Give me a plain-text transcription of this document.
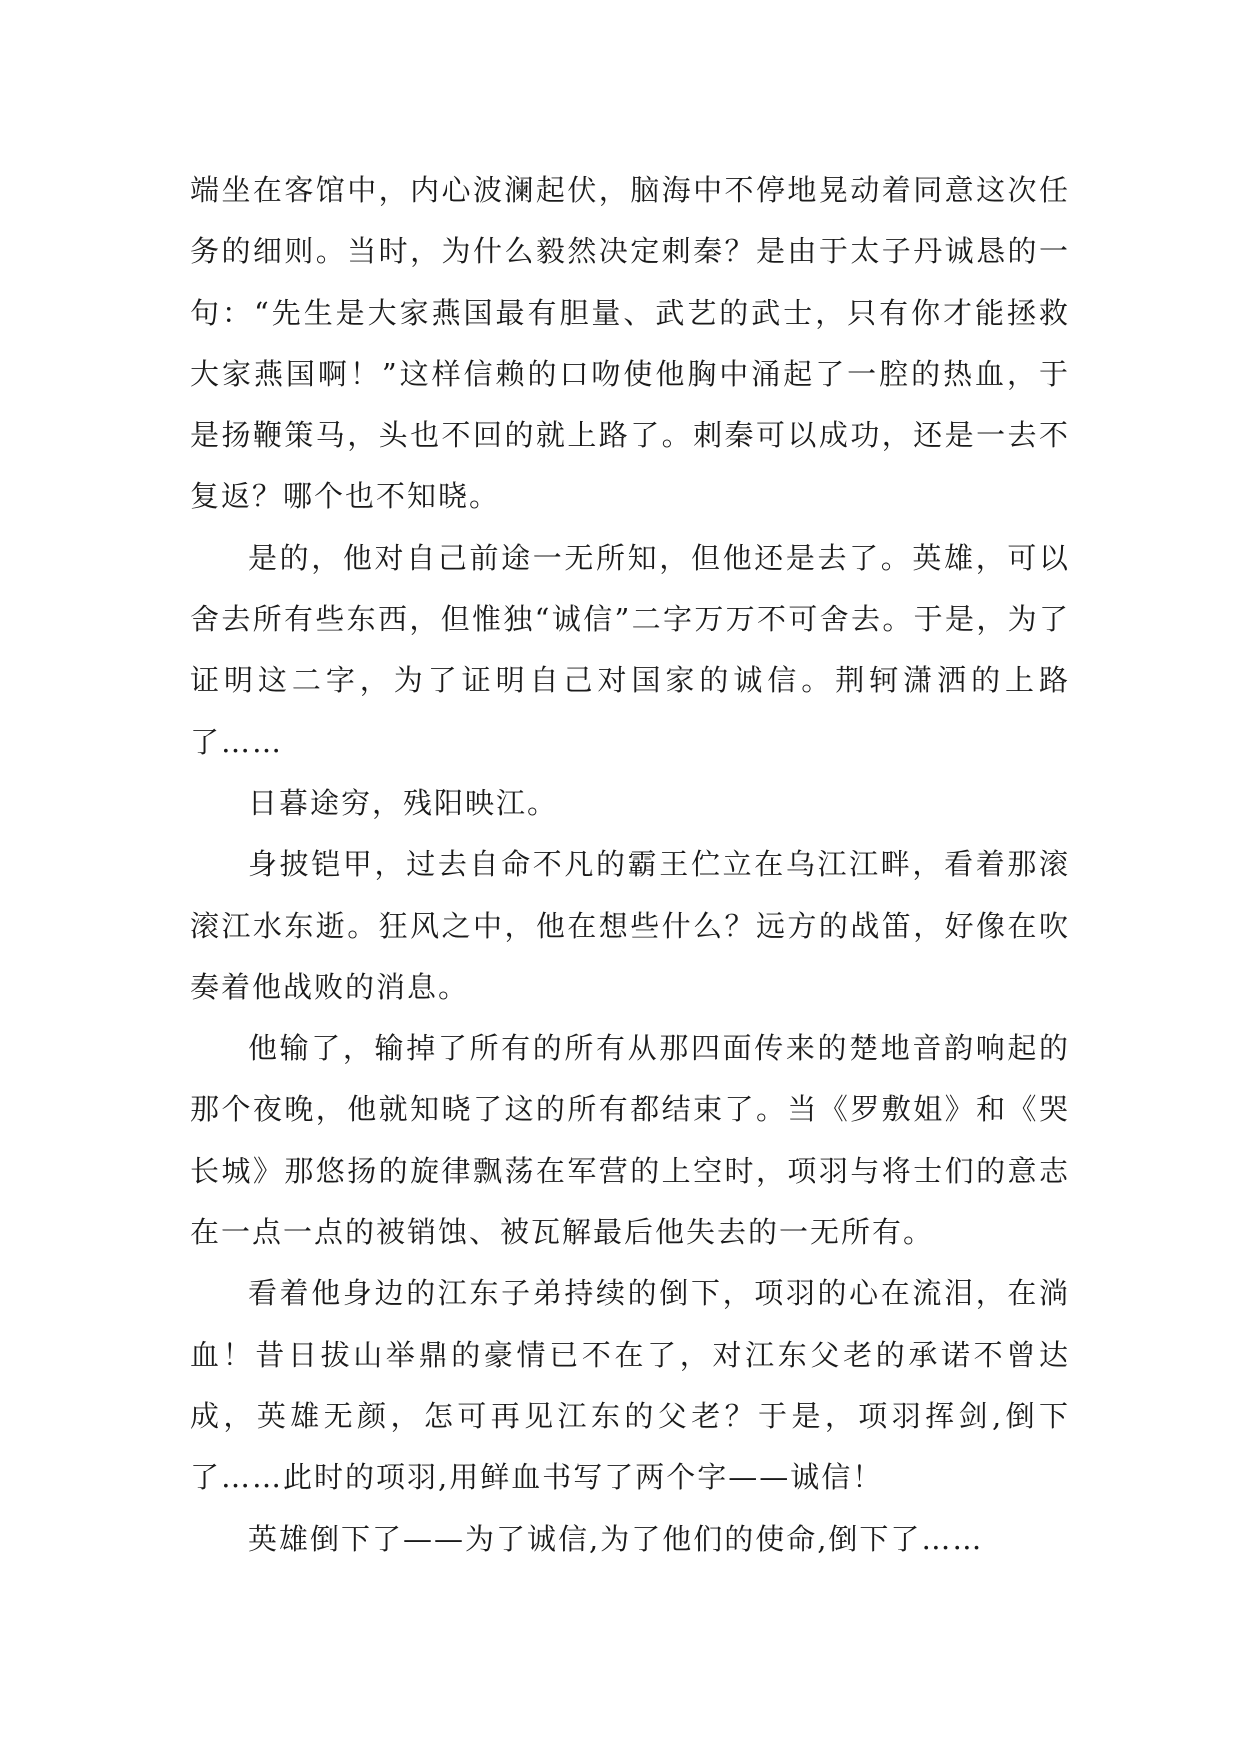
端坐在客馆中，内心波澜起伏，脑海中不停地晃动着同意这次任务的细则。当时，为什么毅然决定刺秦？是由于太子丹诚恳的一句：“先生是大家燕国最有胆量、武艺的武士，只有你才能拯救大家燕国啊！”这样信赖的口吻使他胸中涌起了一腔的热血，于是扬鞭策马，头也不回的就上路了。刺秦可以成功，还是一去不复返？哪个也不知晓。

是的，他对自己前途一无所知，但他还是去了。英雄，可以舍去所有些东西，但惟独“诚信”二字万万不可舍去。于是，为了证明这二字，为了证明自己对国家的诚信。荆轲潇洒的上路了……

日暮途穷，残阳映江。

身披铠甲，过去自命不凡的霸王伫立在乌江江畔，看着那滚滚江水东逝。狂风之中，他在想些什么？远方的战笛，好像在吹奏着他战败的消息。

他输了，输掉了所有的所有从那四面传来的楚地音韵响起的那个夜晚，他就知晓了这的所有都结束了。当《罗敷姐》和《哭长城》那悠扬的旋律飘荡在军营的上空时，项羽与将士们的意志在一点一点的被销蚀、被瓦解最后他失去的一无所有。

看着他身边的江东子弟持续的倒下，项羽的心在流泪，在淌血！昔日拔山举鼎的豪情已不在了，对江东父老的承诺不曾达成，英雄无颜，怎可再见江东的父老？于是，项羽挥剑,倒下了……此时的项羽,用鲜血书写了两个字——诚信！

英雄倒下了——为了诚信,为了他们的使命,倒下了……
